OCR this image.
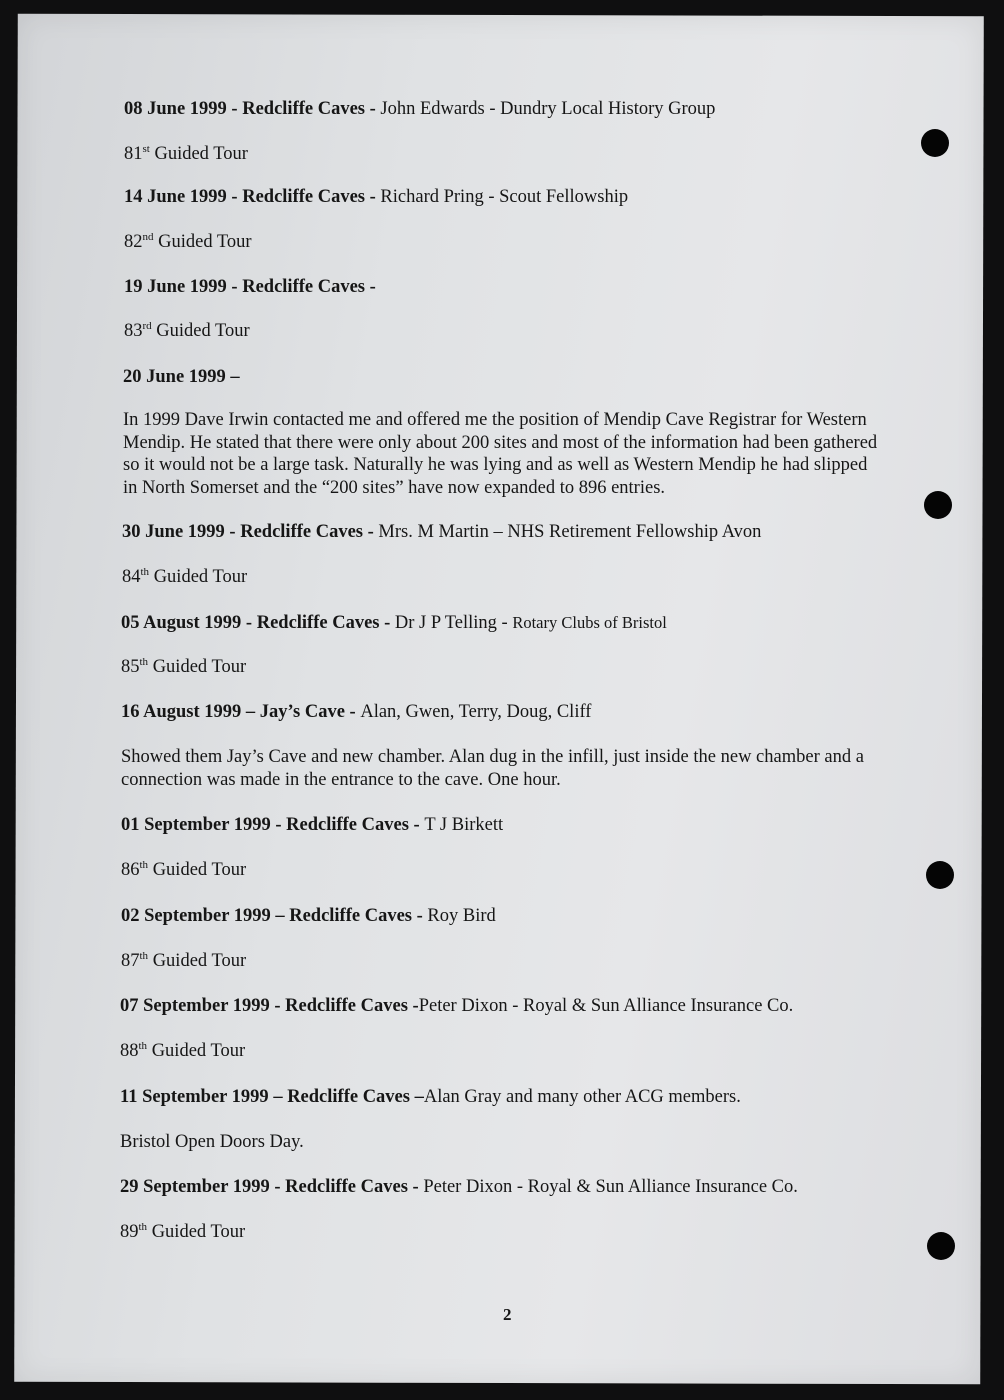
08 June 1999 - Redcliffe Caves - John Edwards - Dundry Local History Group
81st Guided Tour
14 June 1999 - Redcliffe Caves - Richard Pring - Scout Fellowship
82nd Guided Tour
19 June 1999 - Redcliffe Caves -
83rd Guided Tour
20 June 1999 –
In 1999 Dave Irwin contacted me and offered me the position of Mendip Cave Registrar for Western Mendip. He stated that there were only about 200 sites and most of the information had been gathered so it would not be a large task. Naturally he was lying and as well as Western Mendip he had slipped in North Somerset and the “200 sites” have now expanded to 896 entries.
30 June 1999 - Redcliffe Caves - Mrs. M Martin – NHS Retirement Fellowship Avon
84th Guided Tour
05 August 1999 - Redcliffe Caves - Dr J P Telling - Rotary Clubs of Bristol
85th Guided Tour
16 August 1999 – Jay’s Cave - Alan, Gwen, Terry, Doug, Cliff
Showed them Jay’s Cave and new chamber. Alan dug in the infill, just inside the new chamber and a connection was made in the entrance to the cave. One hour.
01 September 1999 - Redcliffe Caves - T J Birkett
86th Guided Tour
02 September 1999 – Redcliffe Caves - Roy Bird
87th Guided Tour
07 September 1999 - Redcliffe Caves -Peter Dixon - Royal & Sun Alliance Insurance Co.
88th Guided Tour
11 September 1999 – Redcliffe Caves –Alan Gray and many other ACG members.
Bristol Open Doors Day.
29 September 1999 - Redcliffe Caves - Peter Dixon - Royal & Sun Alliance Insurance Co.
89th Guided Tour
2
